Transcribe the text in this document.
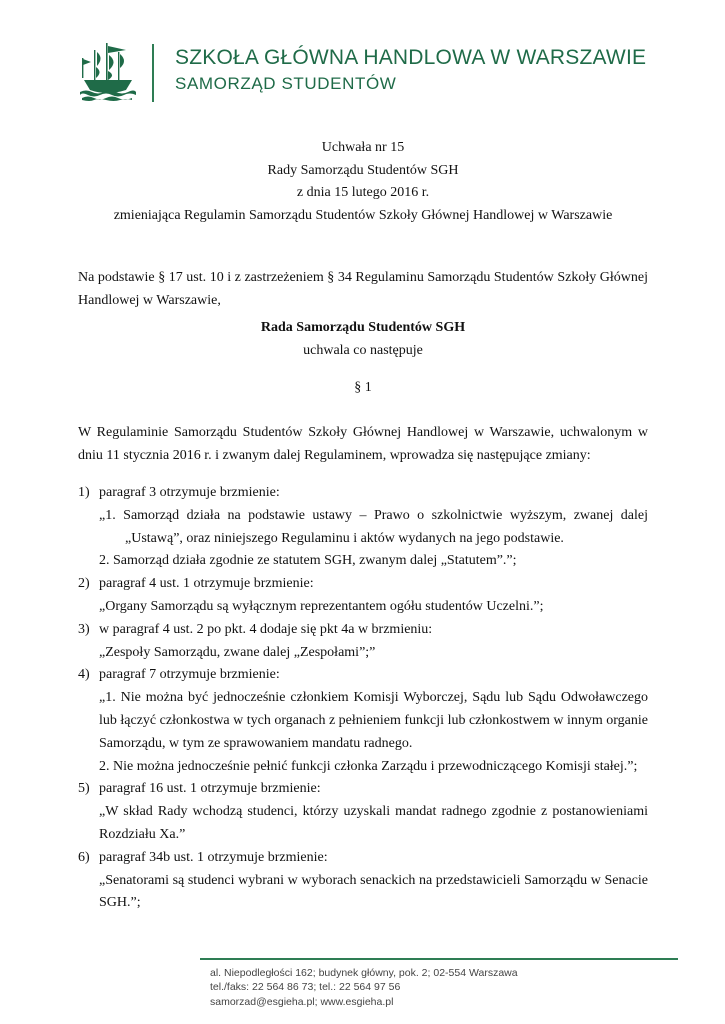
SZKOŁA GŁÓWNA HANDLOWA W WARSZAWIE
SAMORZĄD STUDENTÓW
Uchwała nr 15
Rady Samorządu Studentów SGH
z dnia 15 lutego 2016 r.
zmieniająca Regulamin Samorządu Studentów Szkoły Głównej Handlowej w Warszawie
Na podstawie § 17 ust. 10 i z zastrzeżeniem § 34 Regulaminu Samorządu Studentów Szkoły Głównej Handlowej w Warszawie,
Rada Samorządu Studentów SGH
uchwala co następuje
§ 1
W Regulaminie Samorządu Studentów Szkoły Głównej Handlowej w Warszawie, uchwalonym w dniu 11 stycznia 2016 r. i zwanym dalej Regulaminem, wprowadza się następujące zmiany:
1) paragraf 3 otrzymuje brzmienie:
„1. Samorząd działa na podstawie ustawy – Prawo o szkolnictwie wyższym, zwanej dalej „Ustawą”, oraz niniejszego Regulaminu i aktów wydanych na jego podstawie.
2. Samorząd działa zgodnie ze statutem SGH, zwanym dalej „Statutem”.”;
2) paragraf 4 ust. 1 otrzymuje brzmienie:
„Organy Samorządu są wyłącznym reprezentantem ogółu studentów Uczelni.”;
3) w paragraf 4 ust. 2 po pkt. 4 dodaje się pkt 4a w brzmieniu:
„Zespoły Samorządu, zwane dalej „Zespołami”;”
4) paragraf 7 otrzymuje brzmienie:
„1. Nie można być jednocześnie członkiem Komisji Wyborczej, Sądu lub Sądu Odwoławczego lub łączyć członkostwa w tych organach z pełnieniem funkcji lub członkostwem w innym organie Samorządu, w tym ze sprawowaniem mandatu radnego.
2. Nie można jednocześnie pełnić funkcji członka Zarządu i przewodniczącego Komisji stałej.”;
5) paragraf 16 ust. 1 otrzymuje brzmienie:
„W skład Rady wchodzą studenci, którzy uzyskali mandat radnego zgodnie z postanowieniami Rozdziału Xa.”
6) paragraf 34b ust. 1 otrzymuje brzmienie:
„Senatorami są studenci wybrani w wyborach senackich na przedstawicieli Samorządu w Senacie SGH.”;
al. Niepodległości 162; budynek główny, pok. 2; 02-554 Warszawa
tel./faks: 22 564 86 73; tel.: 22 564 97 56
samorzad@esgieha.pl; www.esgieha.pl
